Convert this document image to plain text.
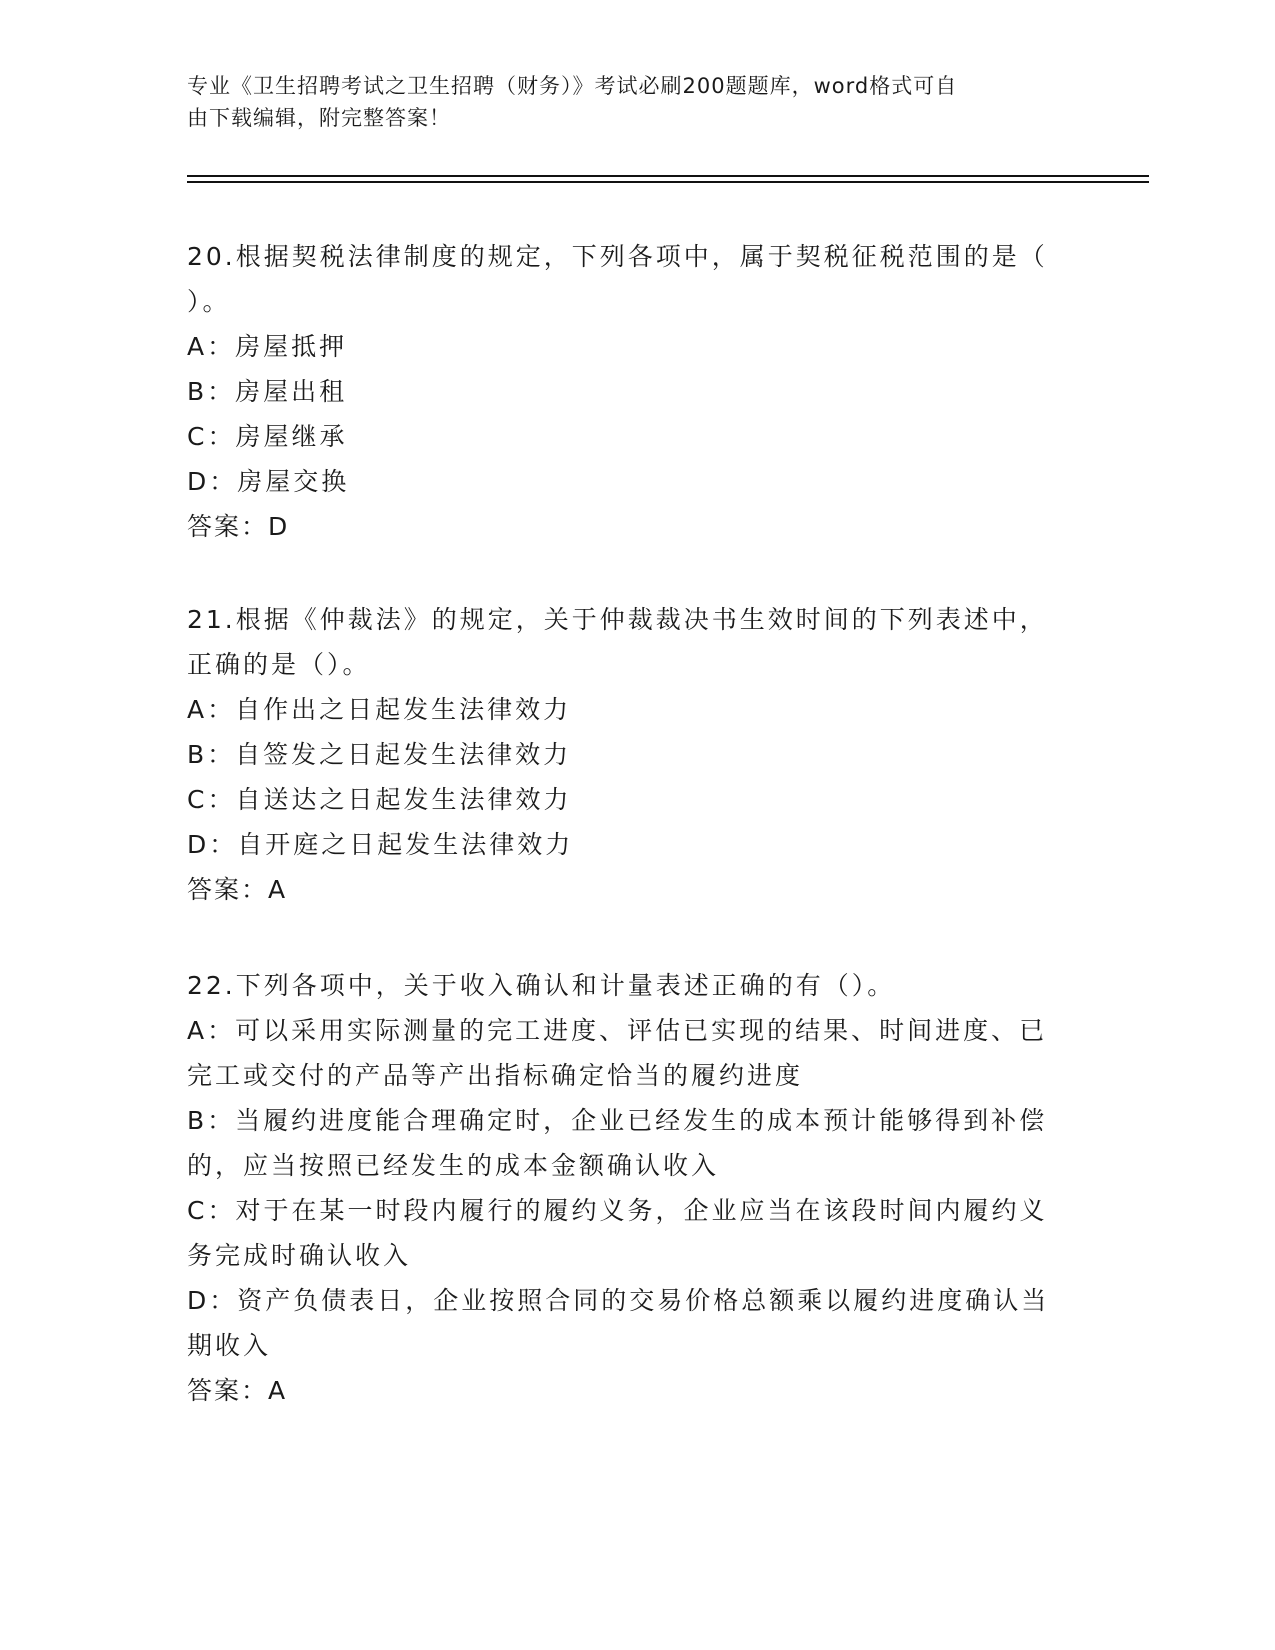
专业《卫生招聘考试之卫生招聘（财务）》考试必刷200题题库，word格式可自
由下载编辑，附完整答案！
20.根据契税法律制度的规定，下列各项中，属于契税征税范围的是（
）。
A：房屋抵押
B：房屋出租
C：房屋继承
D：房屋交换
答案：D
21.根据《仲裁法》的规定，关于仲裁裁决书生效时间的下列表述中，
正确的是（）。
A：自作出之日起发生法律效力
B：自签发之日起发生法律效力
C：自送达之日起发生法律效力
D：自开庭之日起发生法律效力
答案：A
22.下列各项中，关于收入确认和计量表述正确的有（）。
A：可以采用实际测量的完工进度、评估已实现的结果、时间进度、已
完工或交付的产品等产出指标确定恰当的履约进度
B：当履约进度能合理确定时，企业已经发生的成本预计能够得到补偿
的，应当按照已经发生的成本金额确认收入
C：对于在某一时段内履行的履约义务，企业应当在该段时间内履约义
务完成时确认收入
D：资产负债表日，企业按照合同的交易价格总额乘以履约进度确认当
期收入
答案：A
